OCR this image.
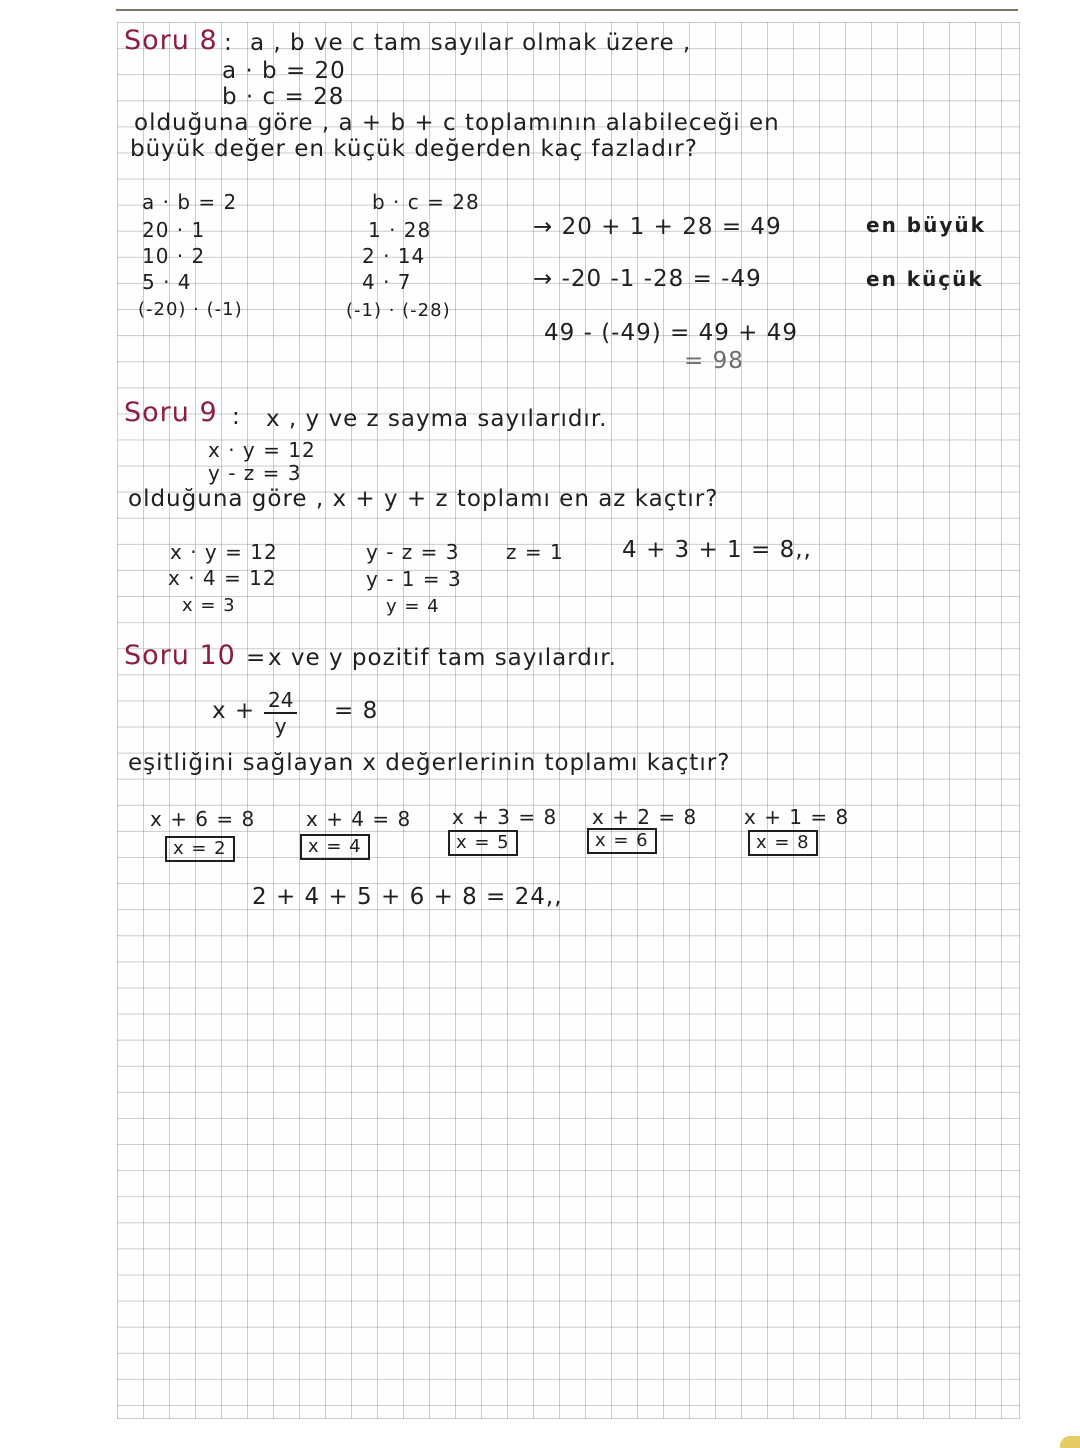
Soru 8 : a , b ve c tam sayılar olmak üzere ,
a · b = 20
b · c = 28
olduğuna göre , a + b + c toplamının alabileceği en
büyük değer en küçük değerden kaç fazladır?
a · b = 2
20 · 1
10 · 2
5 · 4
(-20) · (-1)
b · c = 28
1 · 28
2 · 14
4 · 7
(-1) · (-28)
→ 20 + 1 + 28 = 49	en büyük
→ -20 -1 -28 = -49	en küçük
49 - (-49) = 49 + 49
= 98
Soru 9 : x , y ve z sayma sayılarıdır.
x · y = 12
y - z = 3
olduğuna göre , x + y + z toplamı en az kaçtır?
x · y = 12
x · 4 = 12
x = 3
y - z = 3
y - 1 = 3
y = 4
z = 1	4 + 3 + 1 = 8,,
Soru 10 = x ve y pozitif tam sayılardır.
$x + \frac{24}{y} = 8$
eşitliğini sağlayan x değerlerinin toplamı kaçtır?
x + 6 = 8
x = 2
x + 4 = 8
x = 4
x + 3 = 8
x = 5
x + 2 = 8
x = 6
x + 1 = 8
x = 8
2 + 4 + 5 + 6 + 8 = 24,,
